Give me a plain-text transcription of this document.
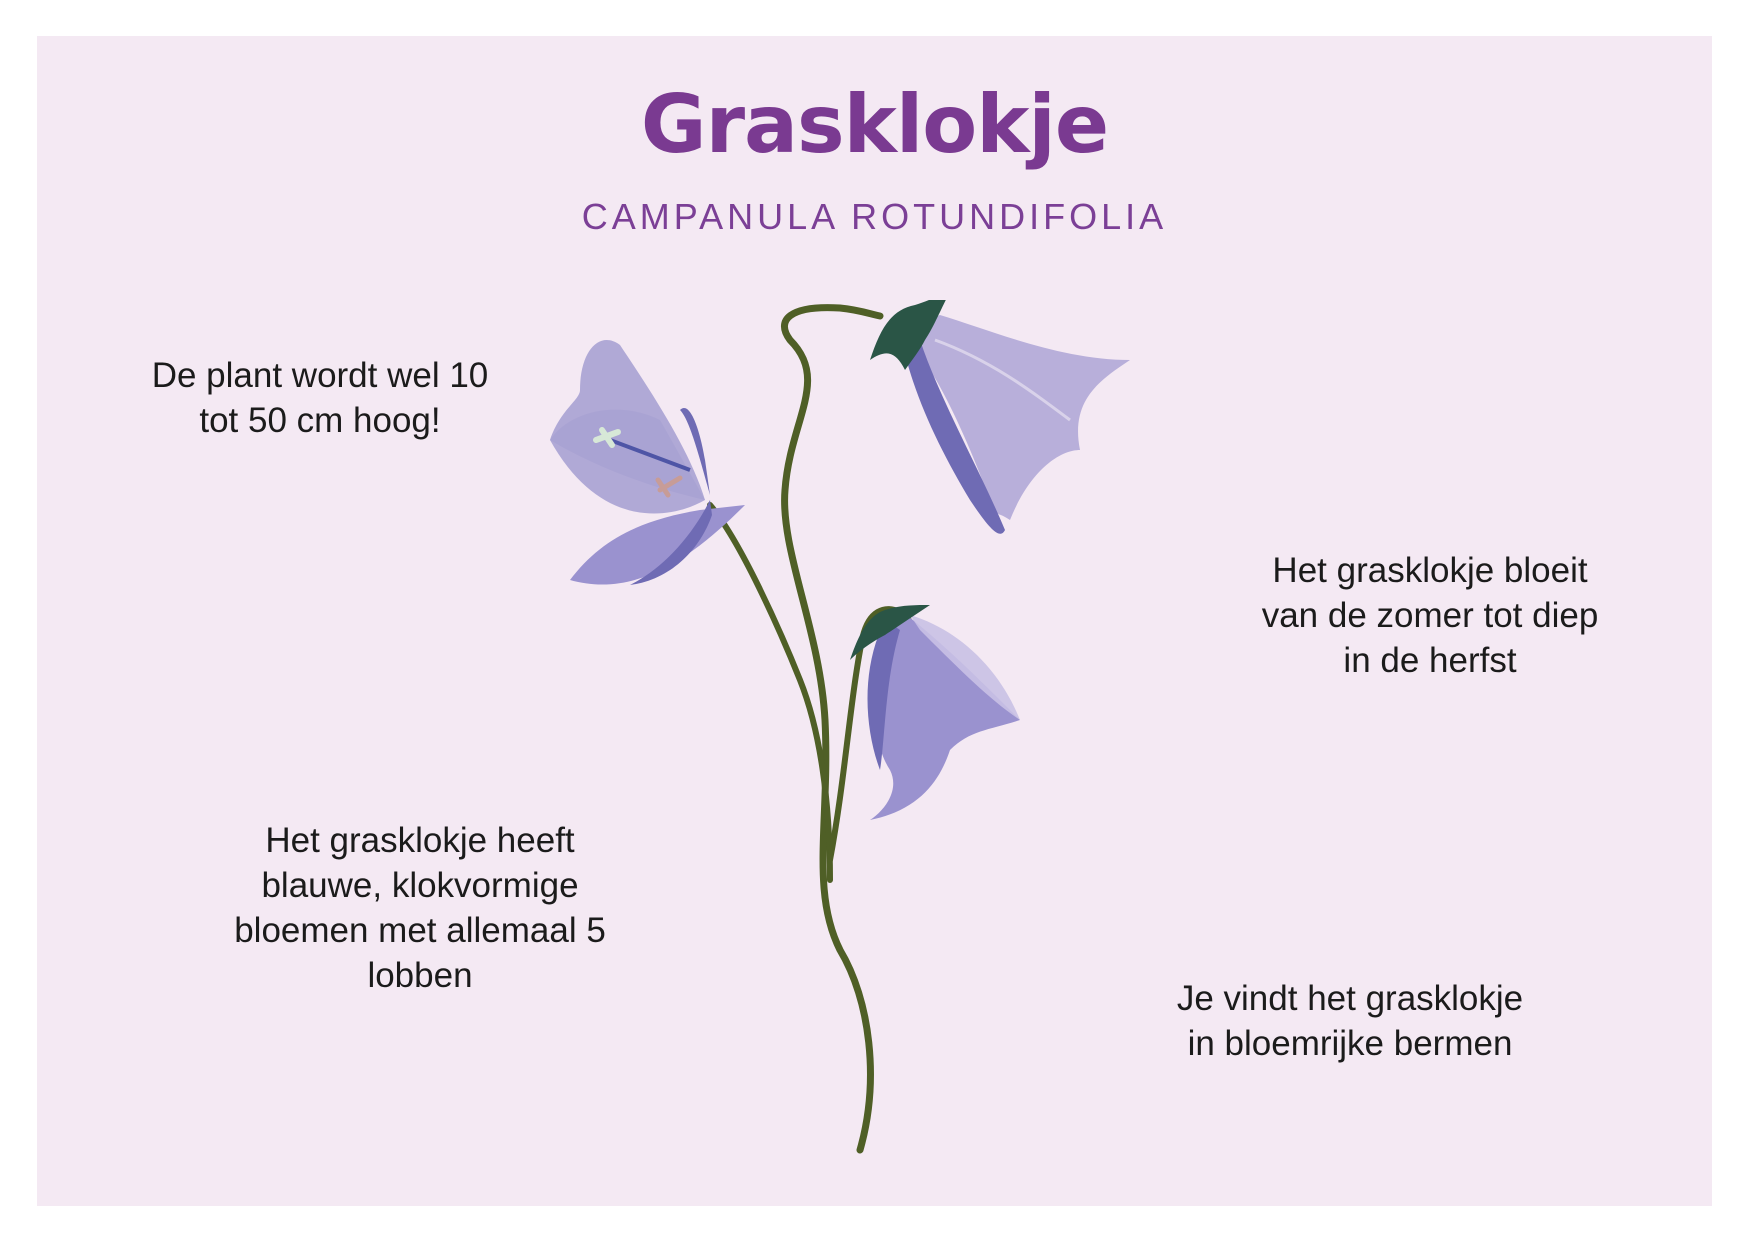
Grasklokje

CAMPANULA ROTUNDIFOLIA

De plant wordt wel 10
tot 50 cm hoog!

Het grasklokje bloeit
van de zomer tot diep
in de herfst

Het grasklokje heeft
blauwe, klokvormige
bloemen met allemaal 5
lobben

Je vindt het grasklokje
in bloemrijke bermen
